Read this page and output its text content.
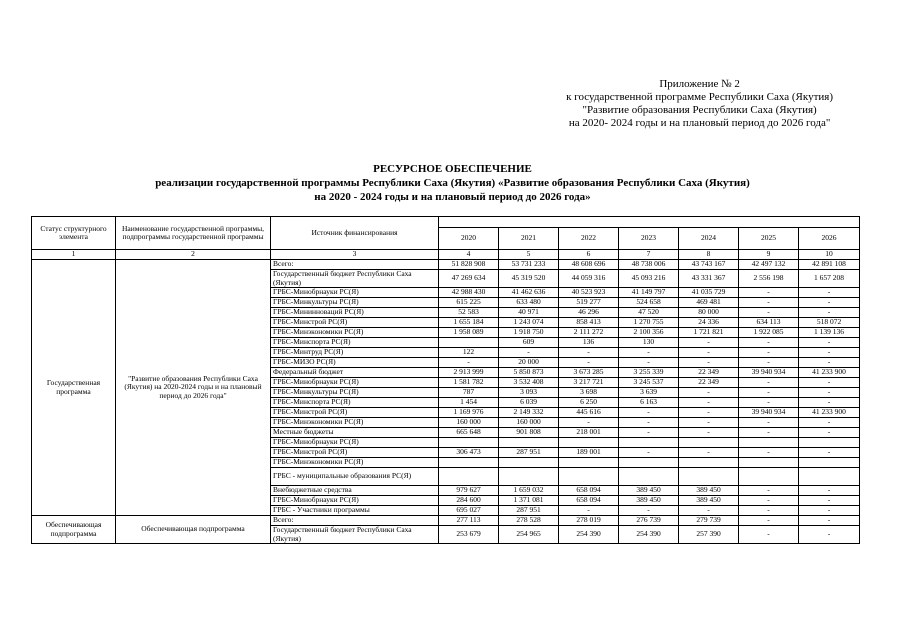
Приложение № 2
к государственной программе Республики Саха (Якутия)
"Развитие образования Республики Саха (Якутия)
на 2020- 2024 годы и на плановый период до 2026 года"
РЕСУРСНОЕ ОБЕСПЕЧЕНИЕ
реализации государственной программы Республики Саха (Якутия) «Развитие образования Республики Саха (Якутия)
на 2020 - 2024 годы и на плановый период до 2026 года»
Статус структурного элемента	Наименование государственной программы, подпрограммы государственной программы	Источник финансирования							
			2020	2021	2022	2023	2024	2025	2026
1	2	3	4	5	6	7	8	9	10
Государственная программа	"Развитие образования Республики Саха (Якутия) на 2020-2024 годы и на плановый период до 2026 года"	Всего:	51 828 908	53 731 233	48 608 696	48 738 006	43 743 167	42 497 132	42 891 108
		Государственный бюджет Республики Саха (Якутия)	47 269 634	45 319 520	44 059 316	45 093 216	43 331 367	2 556 198	1 657 208
		ГРБС-Минобрнауки РС(Я)	42 988 430	41 462 636	40 523 923	41 149 797	41 035 729	-	-
		ГРБС-Минкультуры РС(Я)	615 225	633 480	519 277	524 658	469 481	-	-
		ГРБС-Mининноваций РС(Я)	52 583	40 971	46 296	47 520	80 000	-	-
		ГРБС-Минстрой РС(Я)	1 655 184	1 243 074	858 413	1 270 755	24 336	634 113	518 072
		ГРБС-Минэкономики РС(Я)	1 958 089	1 918 750	2 111 272	2 100 356	1 721 821	1 922 085	1 139 136
		ГРБС-Минспорта РС(Я)		609	136	130	-	-	-
		ГРБС-Минтруд РС(Я)	122	-	-	-	-	-	-
		ГРБС-МИЗО РС(Я)	-	20 000	-	-	-	-	-
		Федеральный бюджет	2 913 999	5 850 873	3 673 285	3 255 339	22 349	39 940 934	41 233 900
		ГРБС-Минобрнауки РС(Я)	1 581 782	3 532 408	3 217 721	3 245 537	22 349	-	-
		ГРБС-Минкультуры РС(Я)	787	3 093	3 698	3 639	-	-	-
		ГРБС-Минспорта РС(Я)	1 454	6 039	6 250	6 163	-	-	-
		ГРБС-Минстрой РС(Я)	1 169 976	2 149 332	445 616	-	-	39 940 934	41 233 900
		ГРБС-Минэкономики РС(Я)	160 000	160 000	-	-	-	-	-
		Местные бюджеты	665 648	901 808	218 001	-	-	-	-
		ГРБС-Минобрнауки РС(Я)							
		ГРБС-Минстрой РС(Я)	306 473	287 951	189 001	-	-	-	-
		ГРБС-Минэкономики РС(Я)							
		ГРБС - муниципальные образования РС(Я)							
		Внебюджетные средства	979 627	1 659 032	658 094	389 450	389 450	-	-
		ГРБС-Минобрнауки РС(Я)	284 600	1 371 081	658 094	389 450	389 450	-	-
		ГРБС - Участники программы	695 027	287 951	-	-	-	-	-
Обеспечивающая подпрограмма	Обеспечивающая подпрограмма	Всего:	277 113	278 528	278 019	276 739	279 739	-	-
		Государственный бюджет Республики Саха (Якутия)	253 679	254 965	254 390	254 390	257 390	-	-
